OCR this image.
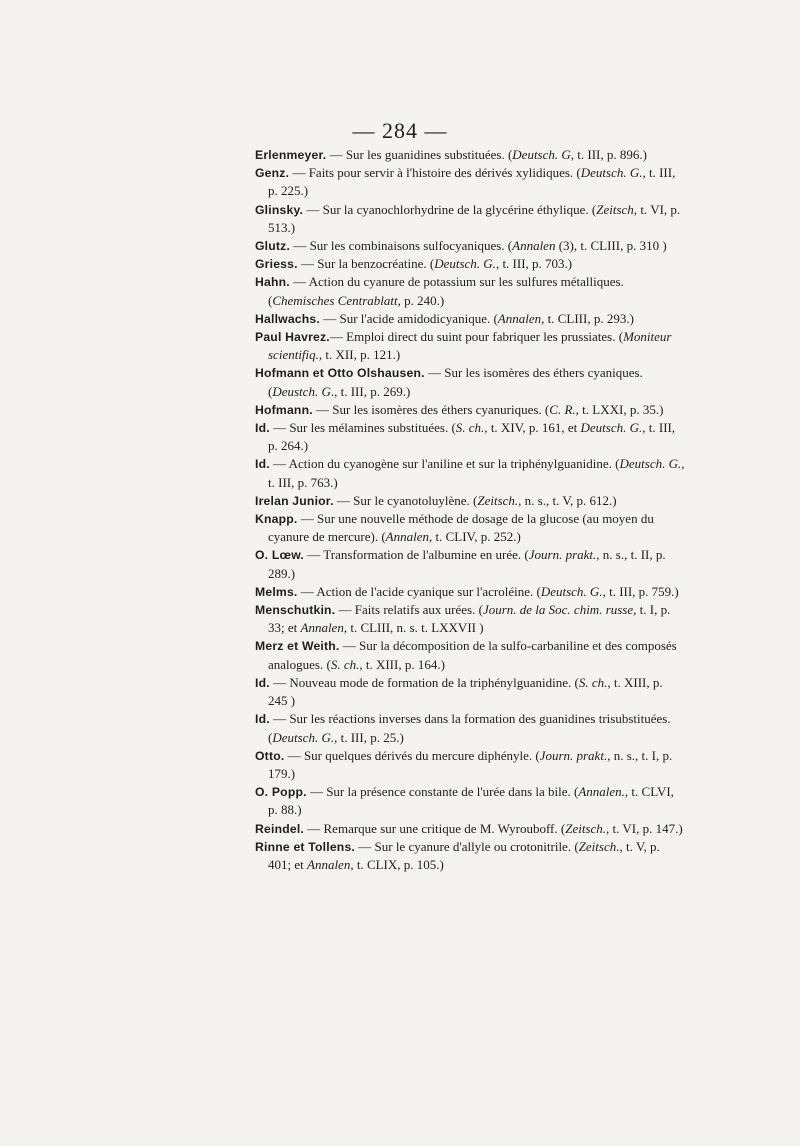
— 284 —

Erlenmeyer. — Sur les guanidines substituées. (Deutsch. G, t. III, p. 896.)

Genz. — Faits pour servir à l'histoire des dérivés xylidiques. (Deutsch. G., t. III, p. 225.)

Glinsky. — Sur la cyanochlorhydrine de la glycérine éthylique. (Zeitsch, t. VI, p. 513.)

Glutz. — Sur les combinaisons sulfocyaniques. (Annalen (3), t. CLIII, p. 310 )

Griess. — Sur la benzocréatine. (Deutsch. G., t. III, p. 703.)

Hahn. — Action du cyanure de potassium sur les sulfures métalliques. (Chemisches Centrablatt, p. 240.)

Hallwachs. — Sur l'acide amidodicyanique. (Annalen, t. CLIII, p. 293.)

Paul Havrez.— Emploi direct du suint pour fabriquer les prussiates. (Moniteur scientifiq., t. XII, p. 121.)

Hofmann et Otto Olshausen. — Sur les isomères des éthers cyaniques. (Deustch. G., t. III, p. 269.)

Hofmann. — Sur les isomères des éthers cyanuriques. (C. R., t. LXXI, p. 35.)

Id. — Sur les mélamines substituées. (S. ch., t. XIV, p. 161, et Deutsch. G., t. III, p. 264.)

Id. — Action du cyanogène sur l'aniline et sur la triphénylguanidine. (Deutsch. G., t. III, p. 763.)

Irelan Junior. — Sur le cyanotoluylène. (Zeitsch., n. s., t. V, p. 612.)

Knapp. — Sur une nouvelle méthode de dosage de la glucose (au moyen du cyanure de mercure). (Annalen, t. CLIV, p. 252.)

O. Lœw. — Transformation de l'albumine en urée. (Journ. prakt., n. s., t. II, p. 289.)

Melms. — Action de l'acide cyanique sur l'acroléine. (Deutsch. G., t. III, p. 759.)

Menschutkin. — Faits relatifs aux urées. (Journ. de la Soc. chim. russe, t. I, p. 33; et Annalen, t. CLIII, n. s. t. LXXVII )

Merz et Weith. — Sur la décomposition de la sulfo-carbaniline et des composés analogues. (S. ch., t. XIII, p. 164.)

Id. — Nouveau mode de formation de la triphénylguanidine. (S. ch., t. XIII, p. 245 )

Id. — Sur les réactions inverses dans la formation des guanidines trisubstituées. (Deutsch. G., t. III, p. 25.)

Otto. — Sur quelques dérivés du mercure diphényle. (Journ. prakt., n. s., t. I, p. 179.)

O. Popp. — Sur la présence constante de l'urée dans la bile. (Annalen., t. CLVI, p. 88.)

Reindel. — Remarque sur une critique de M. Wyrouboff. (Zeitsch., t. VI, p. 147.)

Rinne et Tollens. — Sur le cyanure d'allyle ou crotonitrile. (Zeitsch., t. V, p. 401; et Annalen, t. CLIX, p. 105.)
